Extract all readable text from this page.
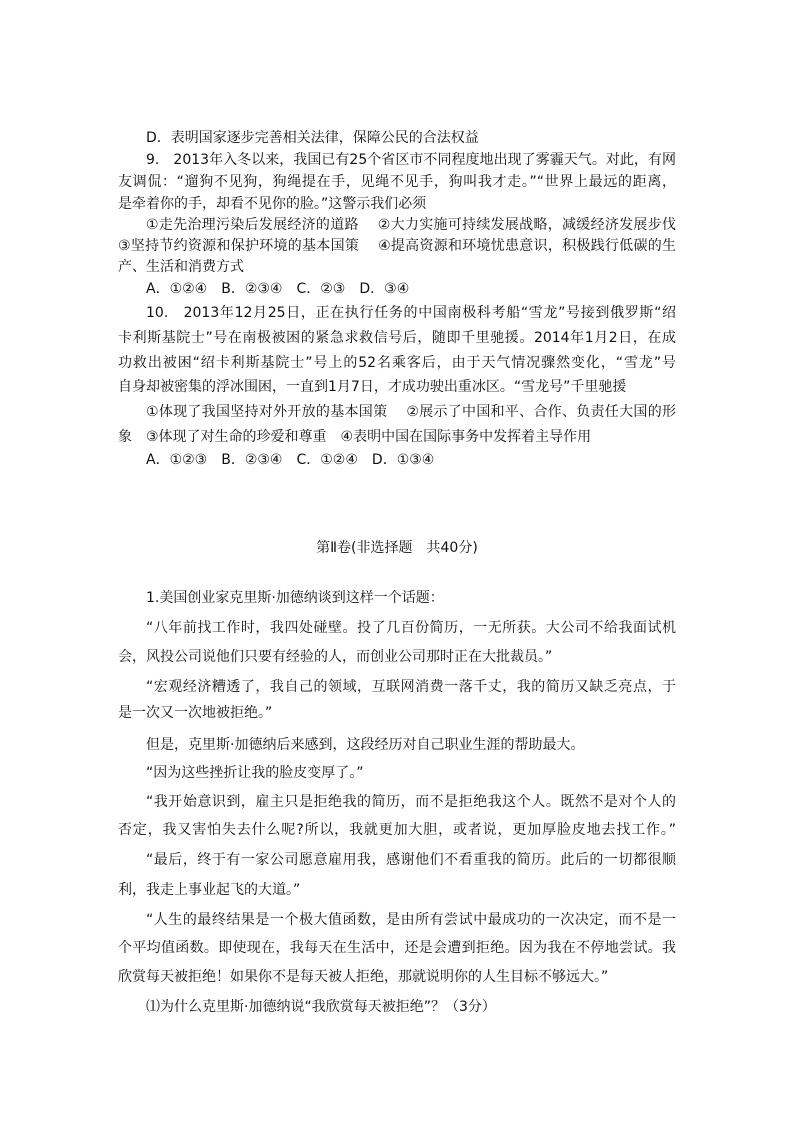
D．表明国家逐步完善相关法律，保障公民的合法权益
9.　2013年入冬以来，我国已有25个省区市不同程度地出现了雾霾天气。对此，有网
友调侃：“遛狗不见狗，狗绳提在手，见绳不见手，狗叫我才走。”“世界上最远的距离，
是牵着你的手，却看不见你的脸。”这警示我们必须
①走先治理污染后发展经济的道路　 ②大力实施可持续发展战略，减缓经济发展步伐
③坚持节约资源和保护环境的基本国策　 ④提高资源和环境忧患意识，积极践行低碳的生
产、生活和消费方式
A．①②④　B．②③④　C．②③　D．③④
10.　2013年12月25日，正在执行任务的中国南极科考船“雪龙”号接到俄罗斯“绍
卡利斯基院士”号在南极被困的紧急求救信号后，随即千里驰援。2014年1月2日，在成
功救出被困“绍卡利斯基院士”号上的52名乘客后，由于天气情况骤然变化，“雪龙”号
自身却被密集的浮冰围困，一直到1月7日，才成功驶出重冰区。“雪龙号”千里驰援
①体现了我国坚持对外开放的基本国策　 ②展示了中国和平、合作、负责任大国的形
象　③体现了对生命的珍爱和尊重　④表明中国在国际事务中发挥着主导作用
A．①②③　B．②③④　C．①②④　D．①③④
第Ⅱ卷(非选择题　共40分)
1.美国创业家克里斯·加德纳谈到这样一个话题：
“八年前找工作时，我四处碰壁。投了几百份简历，一无所获。大公司不给我面试机
会，风投公司说他们只要有经验的人，而创业公司那时正在大批裁员。”
“宏观经济糟透了，我自己的领域，互联网消费一落千丈，我的简历又缺乏亮点，于
是一次又一次地被拒绝。”
但是，克里斯·加德纳后来感到，这段经历对自己职业生涯的帮助最大。
“因为这些挫折让我的脸皮变厚了。”
“我开始意识到，雇主只是拒绝我的简历，而不是拒绝我这个人。既然不是对个人的
否定，我又害怕失去什么呢?所以，我就更加大胆，或者说，更加厚脸皮地去找工作。”
“最后，终于有一家公司愿意雇用我，感谢他们不看重我的简历。此后的一切都很顺
利，我走上事业起飞的大道。”
“人生的最终结果是一个极大值函数，是由所有尝试中最成功的一次决定，而不是一
个平均值函数。即使现在，我每天在生活中，还是会遭到拒绝。因为我在不停地尝试。我
欣赏每天被拒绝！如果你不是每天被人拒绝，那就说明你的人生目标不够远大。”
⑴为什么克里斯·加德纳说“我欣赏每天被拒绝”？（3分）
